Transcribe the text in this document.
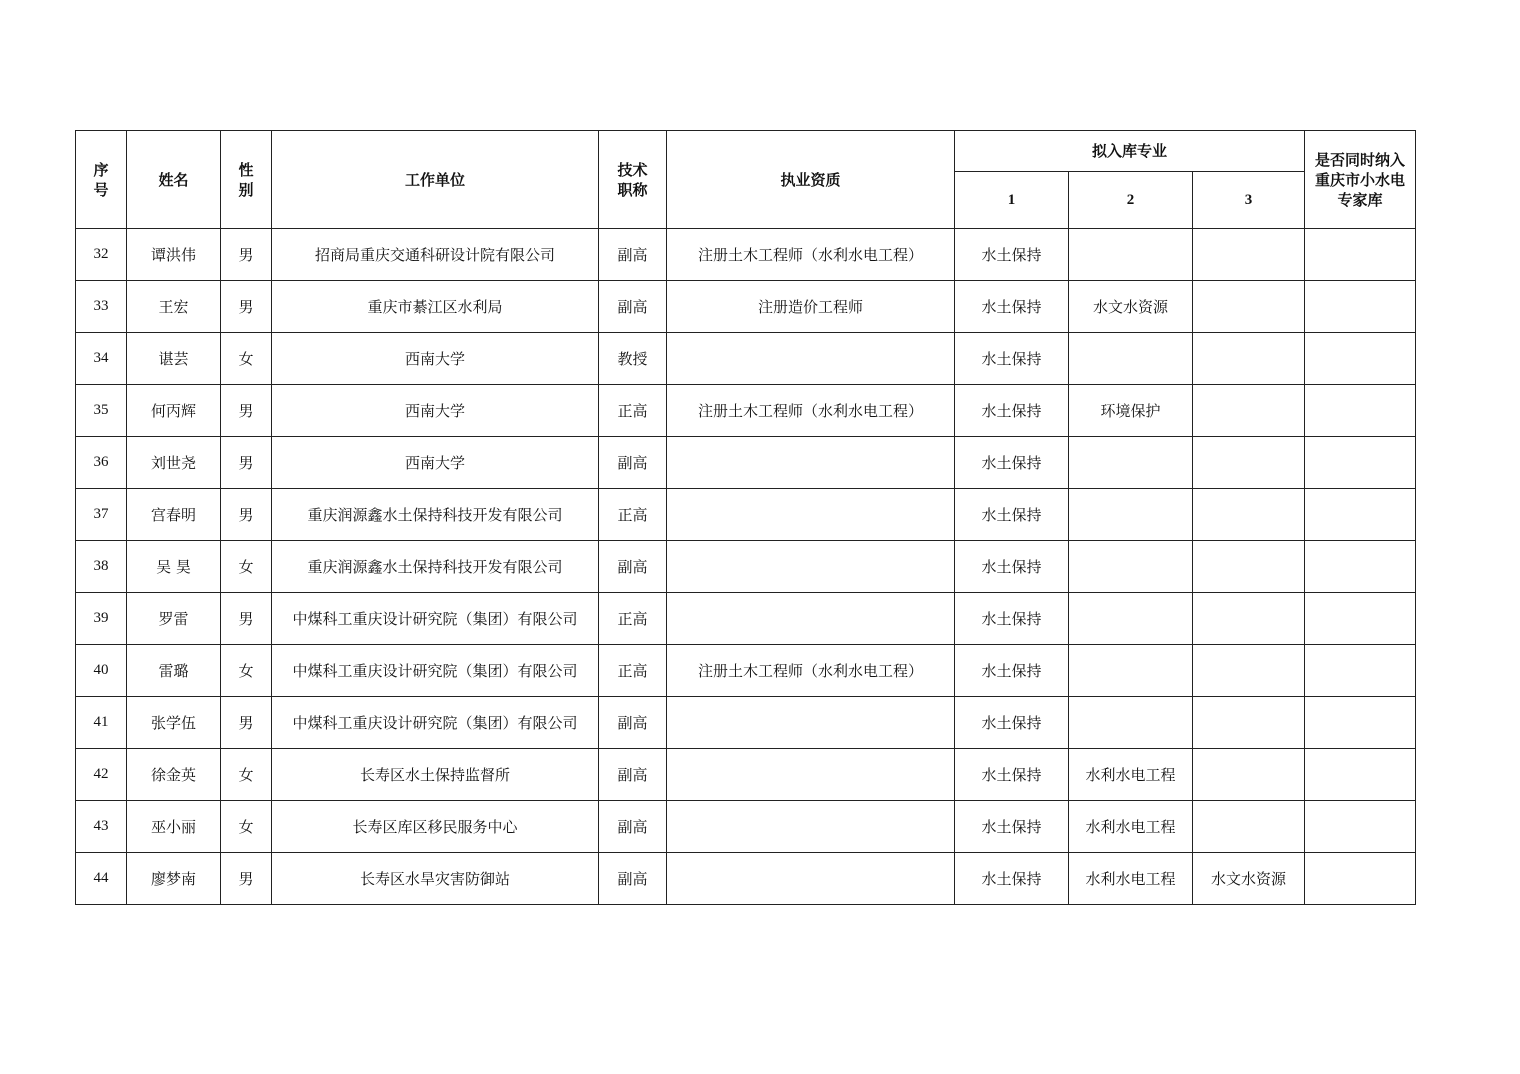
序号	姓名	性别	工作单位	技术职称	执业资质	拟入库专业			是否同时纳入重庆市小水电专家库
						1	2	3	
32	谭洪伟	男	招商局重庆交通科研设计院有限公司	副高	注册土木工程师（水利水电工程）	水土保持			
33	王宏	男	重庆市綦江区水利局	副高	注册造价工程师	水土保持	水文水资源		
34	谌芸	女	西南大学	教授		水土保持			
35	何丙辉	男	西南大学	正高	注册土木工程师（水利水电工程）	水土保持	环境保护		
36	刘世尧	男	西南大学	副高		水土保持			
37	宫春明	男	重庆润源鑫水土保持科技开发有限公司	正高		水土保持			
38	吴 昊	女	重庆润源鑫水土保持科技开发有限公司	副高		水土保持			
39	罗雷	男	中煤科工重庆设计研究院（集团）有限公司	正高		水土保持			
40	雷璐	女	中煤科工重庆设计研究院（集团）有限公司	正高	注册土木工程师（水利水电工程）	水土保持			
41	张学伍	男	中煤科工重庆设计研究院（集团）有限公司	副高		水土保持			
42	徐金英	女	长寿区水土保持监督所	副高		水土保持	水利水电工程		
43	巫小丽	女	长寿区库区移民服务中心	副高		水土保持	水利水电工程		
44	廖梦南	男	长寿区水旱灾害防御站	副高		水土保持	水利水电工程	水文水资源	
